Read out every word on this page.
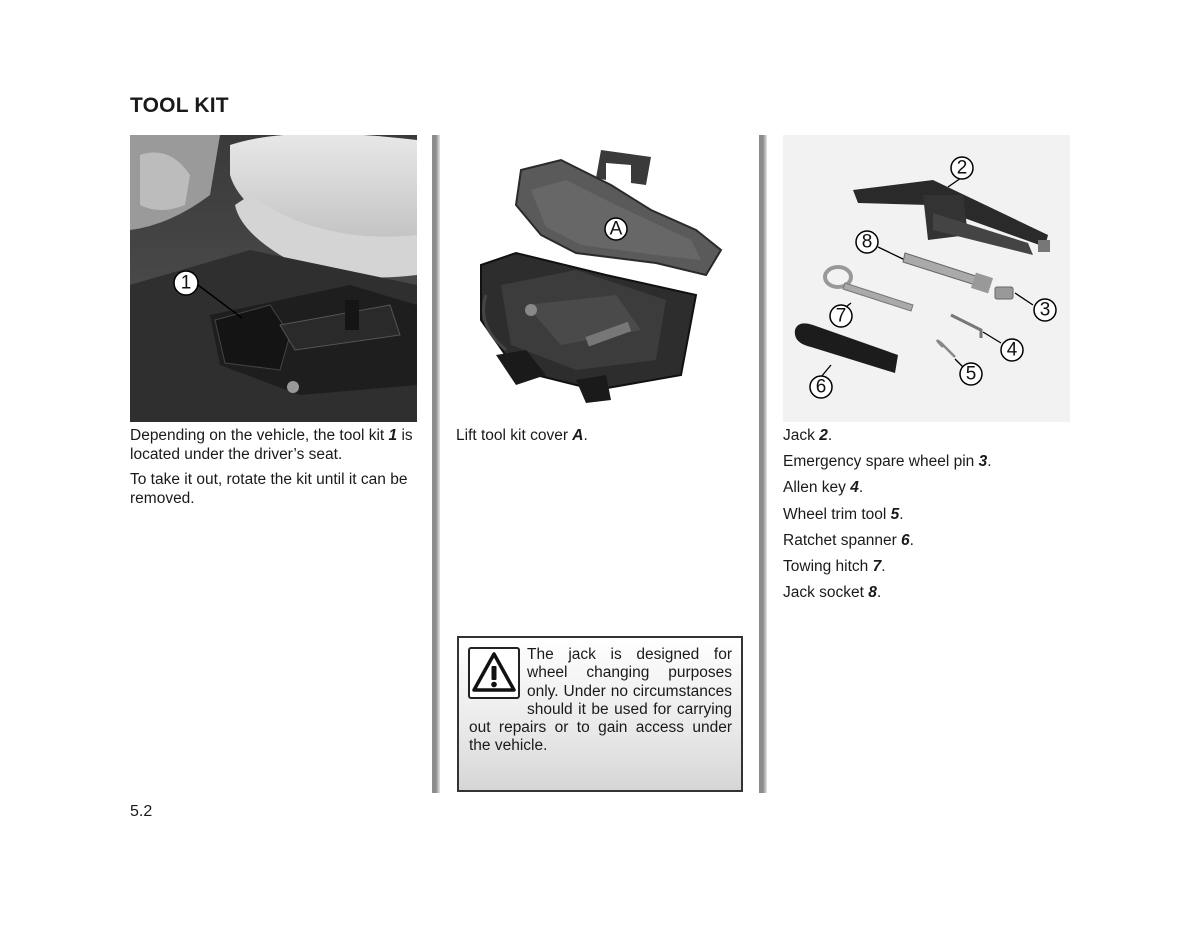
TOOL KIT
1
A
2
8
3
7
4
5
6

Depending on the vehicle, the tool kit 1 is located under the driver’s seat.

To take it out, rotate the kit until it can be removed.

Lift tool kit cover A.

The jack is designed for wheel changing purposes only. Under no circumstances should it be used for carrying out repairs or to gain access under the vehicle.

Jack 2.
Emergency spare wheel pin 3.
Allen key 4.
Wheel trim tool 5.
Ratchet spanner 6.
Towing hitch 7.
Jack socket 8.

5.2
